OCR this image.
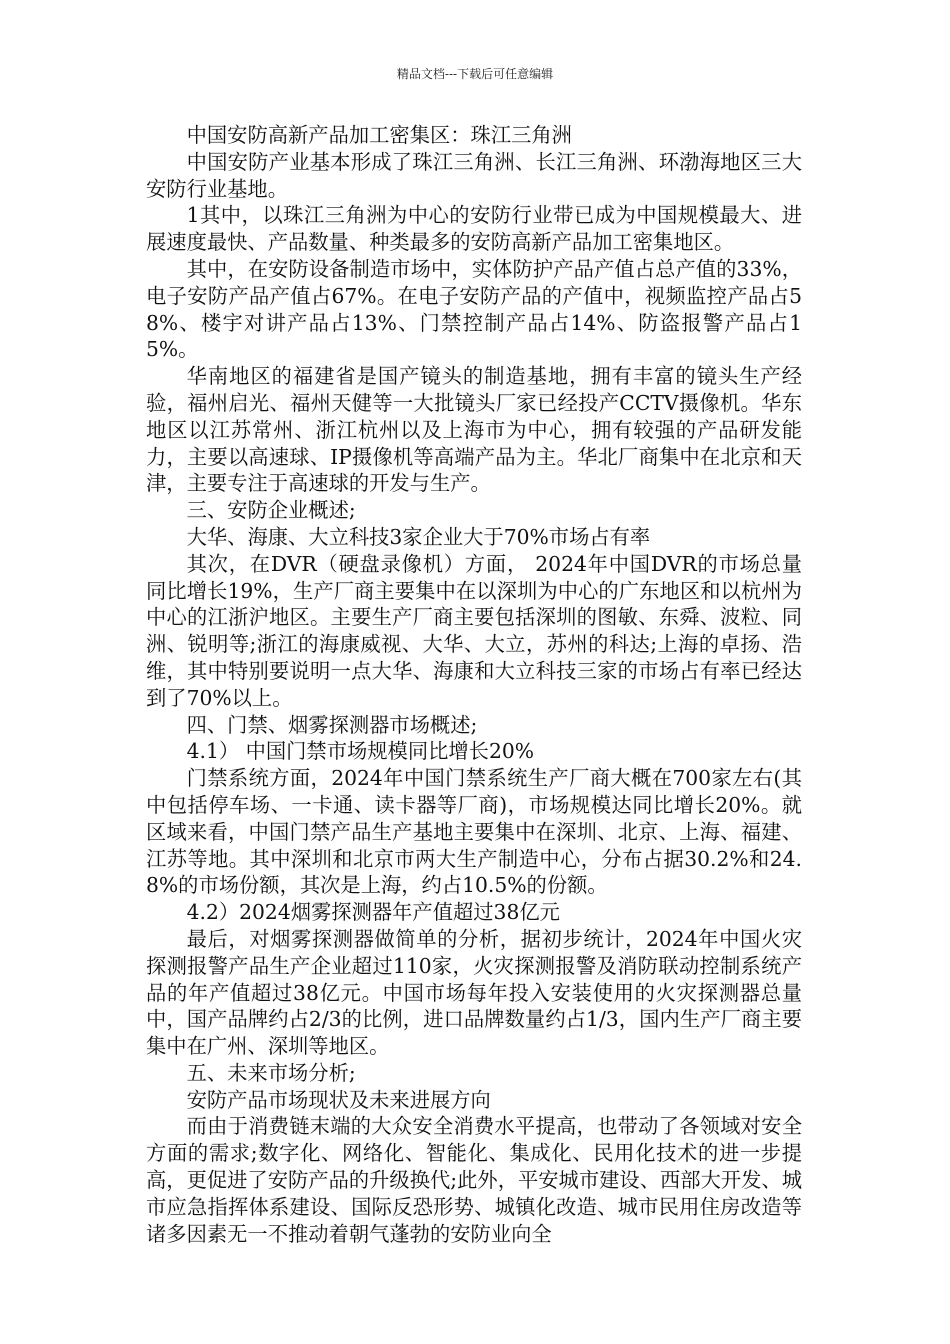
精品文档---下载后可任意编辑

中国安防高新产品加工密集区：珠江三角洲

中国安防产业基本形成了珠江三角洲、长江三角洲、环渤海地区三大安防行业基地。

1其中，以珠江三角洲为中心的安防行业带已成为中国规模最大、进展速度最快、产品数量、种类最多的安防高新产品加工密集地区。

其中，在安防设备制造市场中，实体防护产品产值占总产值的33%，电子安防产品产值占67%。在电子安防产品的产值中，视频监控产品占58%、楼宇对讲产品占13%、门禁控制产品占14%、防盗报警产品占15%。

华南地区的福建省是国产镜头的制造基地，拥有丰富的镜头生产经验，福州启光、福州天健等一大批镜头厂家已经投产CCTV摄像机。华东地区以江苏常州、浙江杭州以及上海市为中心，拥有较强的产品研发能力，主要以高速球、IP摄像机等高端产品为主。华北厂商集中在北京和天津，主要专注于高速球的开发与生产。

三、安防企业概述;

大华、海康、大立科技3家企业大于70%市场占有率

其次，在DVR（硬盘录像机）方面， 2024年中国DVR的市场总量同比增长19%，生产厂商主要集中在以深圳为中心的广东地区和以杭州为中心的江浙沪地区。主要生产厂商主要包括深圳的图敏、东舜、波粒、同洲、锐明等;浙江的海康威视、大华、大立，苏州的科达;上海的卓扬、浩维，其中特别要说明一点大华、海康和大立科技三家的市场占有率已经达到了70%以上。

四、门禁、烟雾探测器市场概述;

4.1） 中国门禁市场规模同比增长20%

门禁系统方面，2024年中国门禁系统生产厂商大概在700家左右(其中包括停车场、一卡通、读卡器等厂商)，市场规模达同比增长20%。就区域来看，中国门禁产品生产基地主要集中在深圳、北京、上海、福建、江苏等地。其中深圳和北京市两大生产制造中心，分布占据30.2%和24.8%的市场份额，其次是上海，约占10.5%的份额。

4.2）2024烟雾探测器年产值超过38亿元

最后，对烟雾探测器做简单的分析，据初步统计，2024年中国火灾探测报警产品生产企业超过110家，火灾探测报警及消防联动控制系统产品的年产值超过38亿元。中国市场每年投入安装使用的火灾探测器总量中，国产品牌约占2/3的比例，进口品牌数量约占1/3，国内生产厂商主要集中在广州、深圳等地区。

五、未来市场分析;

安防产品市场现状及未来进展方向

而由于消费链末端的大众安全消费水平提高，也带动了各领域对安全方面的需求;数字化、网络化、智能化、集成化、民用化技术的进一步提高，更促进了安防产品的升级换代;此外，平安城市建设、西部大开发、城市应急指挥体系建设、国际反恐形势、城镇化改造、城市民用住房改造等诸多因素无一不推动着朝气蓬勃的安防业向全
